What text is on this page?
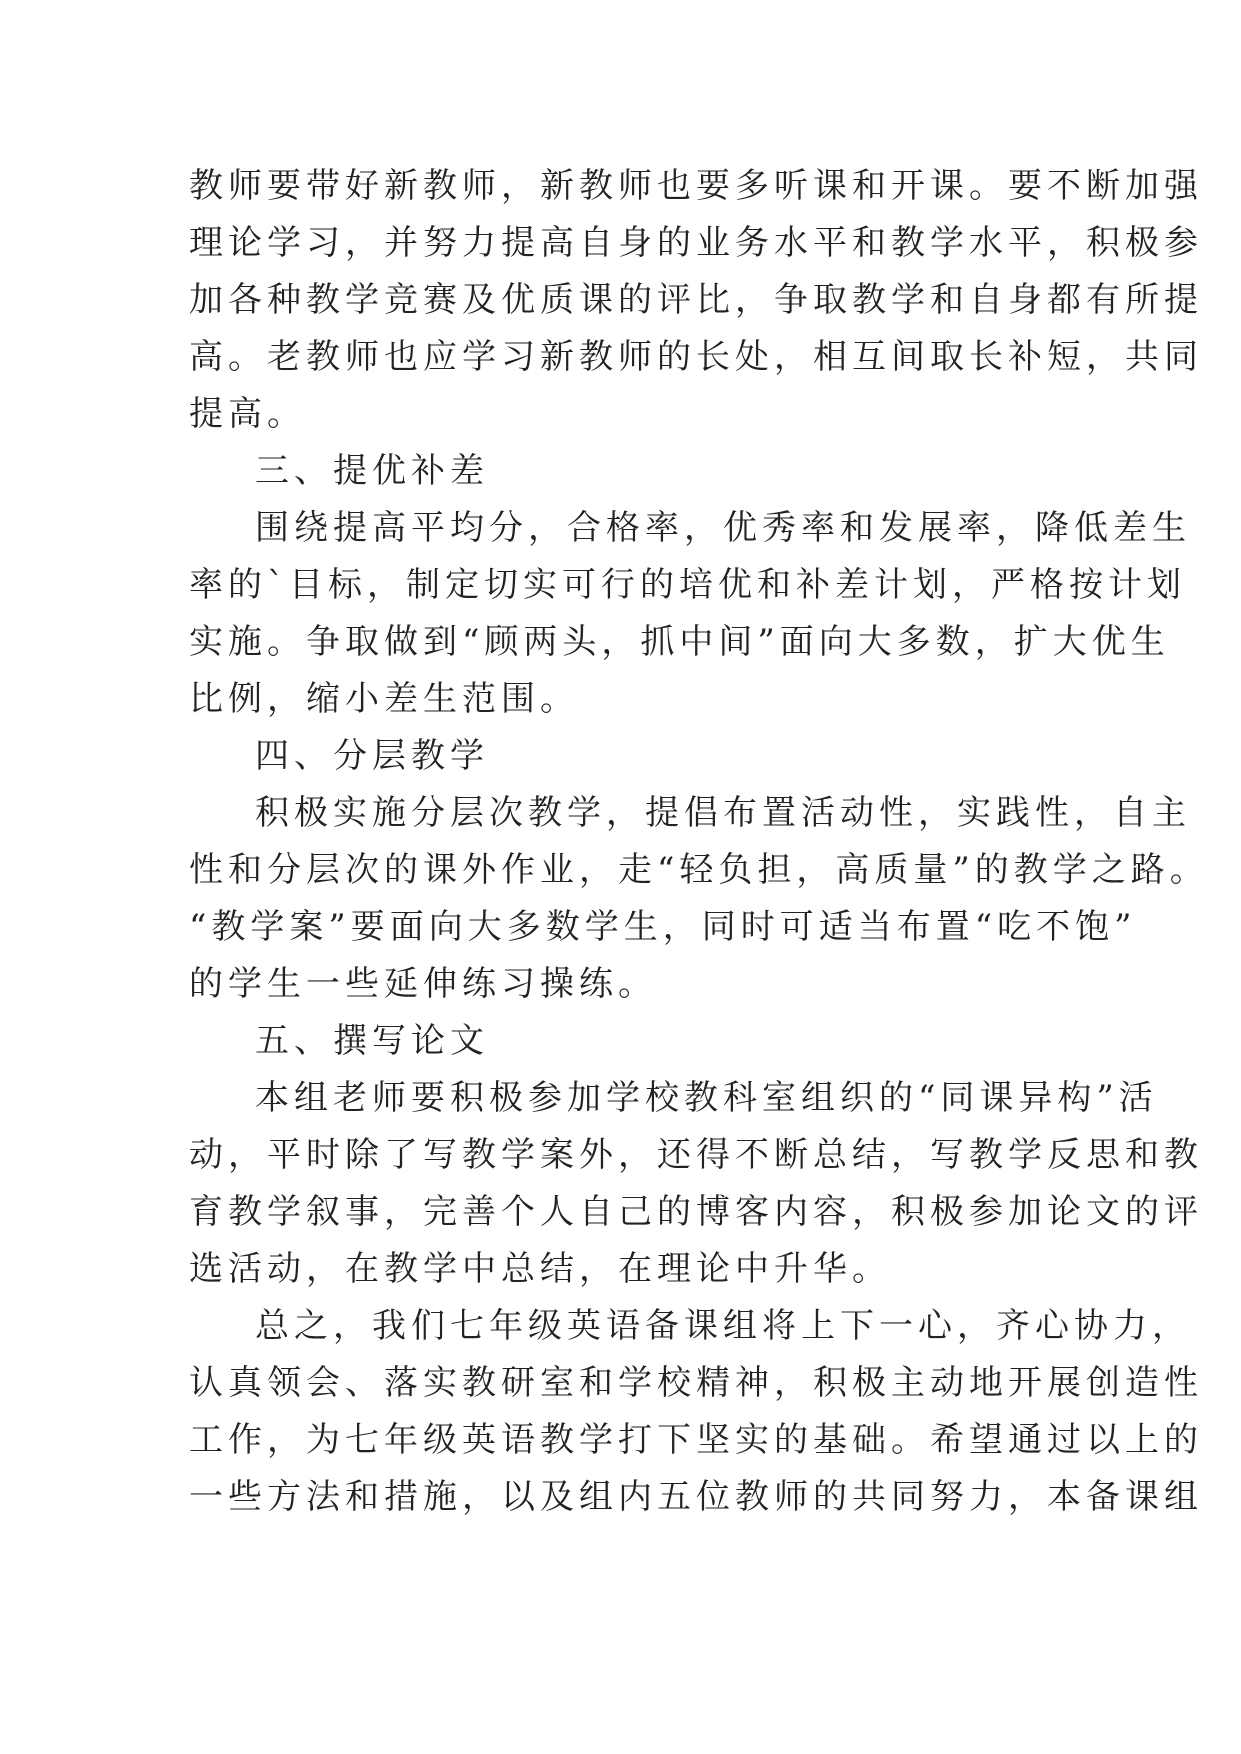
教师要带好新教师，新教师也要多听课和开课。要不断加强
理论学习，并努力提高自身的业务水平和教学水平，积极参
加各种教学竞赛及优质课的评比，争取教学和自身都有所提
高。老教师也应学习新教师的长处，相互间取长补短，共同
提高。
三、提优补差
围绕提高平均分，合格率，优秀率和发展率，降低差生
率的`目标，制定切实可行的培优和补差计划，严格按计划
实施。争取做到“顾两头，抓中间”面向大多数，扩大优生
比例，缩小差生范围。
四、分层教学
积极实施分层次教学，提倡布置活动性，实践性，自主
性和分层次的课外作业，走“轻负担，高质量”的教学之路。
“教学案”要面向大多数学生，同时可适当布置“吃不饱”
的学生一些延伸练习操练。
五、撰写论文
本组老师要积极参加学校教科室组织的“同课异构”活
动，平时除了写教学案外，还得不断总结，写教学反思和教
育教学叙事，完善个人自己的博客内容，积极参加论文的评
选活动，在教学中总结，在理论中升华。
总之，我们七年级英语备课组将上下一心，齐心协力，
认真领会、落实教研室和学校精神，积极主动地开展创造性
工作，为七年级英语教学打下坚实的基础。希望通过以上的
一些方法和措施，以及组内五位教师的共同努力，本备课组
